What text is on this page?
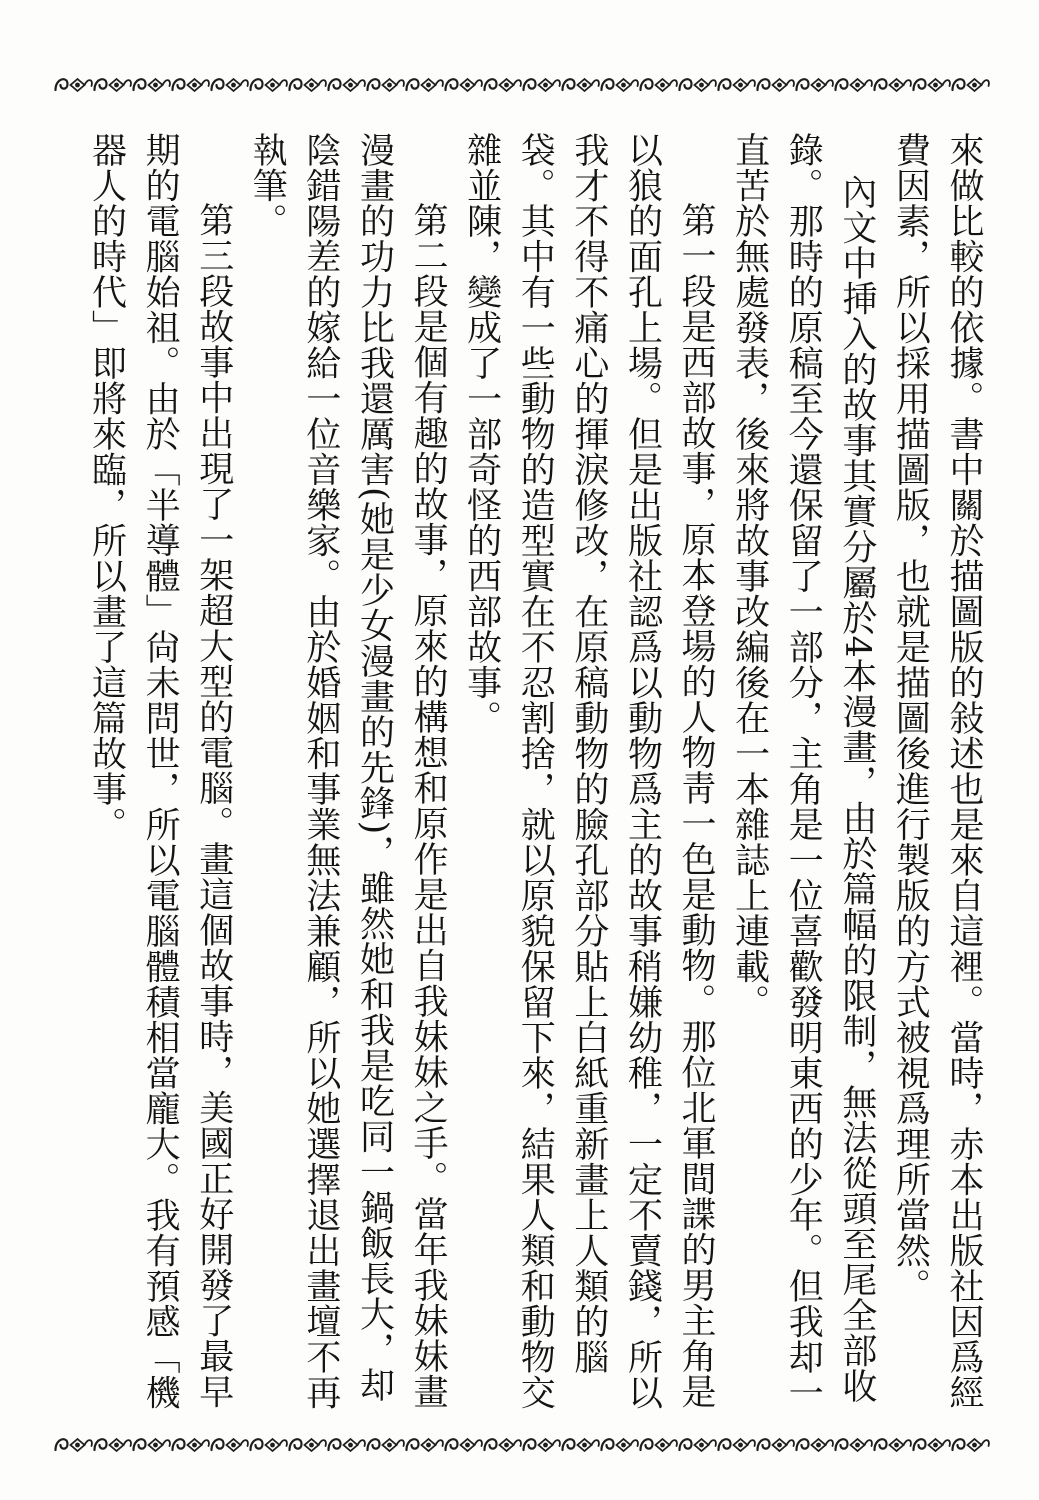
來做比較的依據。書中關於描圖版的敍述也是來自這裡。當時，赤本出版社因爲經費因素，所以採用描圖版，也就是描圖後進行製版的方式被視爲理所當然。

內文中挿入的故事其實分屬於4本漫畫，由於篇幅的限制，無法從頭至尾全部收錄。那時的原稿至今還保留了一部分，主角是一位喜歡發明東西的少年。但我却一直苦於無處發表，後來將故事改編後在一本雜誌上連載。

第一段是西部故事，原本登場的人物靑一色是動物。那位北軍間諜的男主角是以狼的面孔上場。但是出版社認爲以動物爲主的故事稍嫌幼稚，一定不賣錢，所以我才不得不痛心的揮淚修改，在原稿動物的臉孔部分貼上白紙重新畫上人類的腦袋。其中有一些動物的造型實在不忍割捨，就以原貌保留下來，結果人類和動物交雜並陳，變成了一部奇怪的西部故事。

第二段是個有趣的故事，原來的構想和原作是出自我妹妹之手。當年我妹妹畫漫畫的功力比我還厲害(她是少女漫畫的先鋒)，雖然她和我是吃同一鍋飯長大，却陰錯陽差的嫁給一位音樂家。由於婚姻和事業無法兼顧，所以她選擇退出畫壇不再執筆。

第三段故事中出現了一架超大型的電腦。畫這個故事時，美國正好開發了最早期的電腦始祖。由於「半導體」尙未問世，所以電腦體積相當龐大。我有預感「機器人的時代」即將來臨，所以畫了這篇故事。
